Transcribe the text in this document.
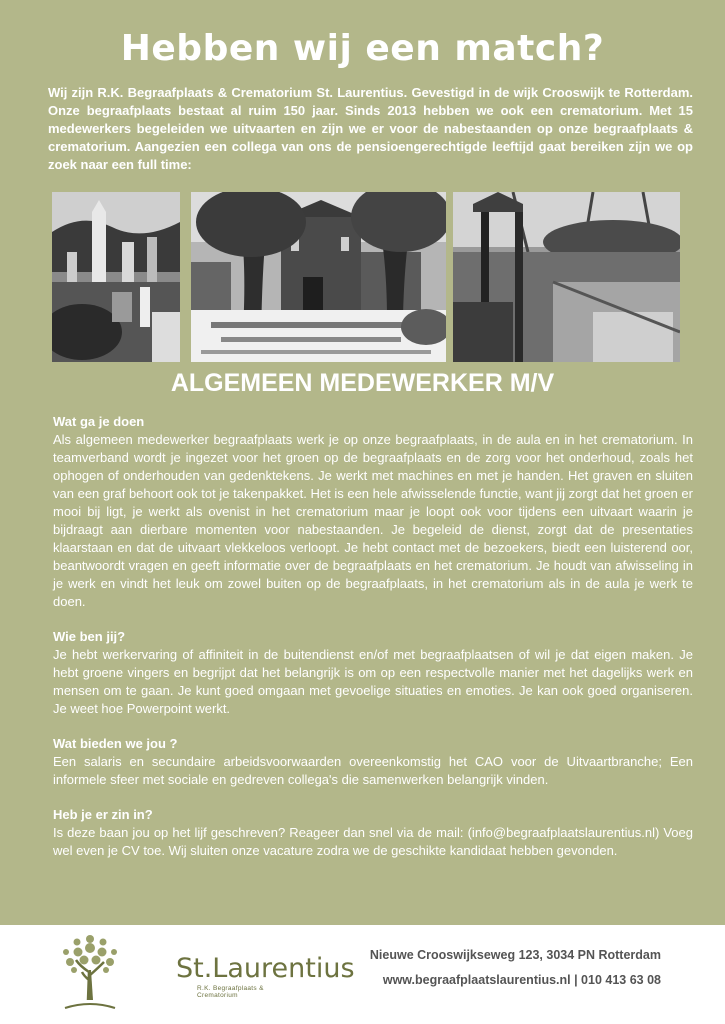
Hebben wij een match?

Wij zijn R.K. Begraafplaats & Crematorium St. Laurentius. Gevestigd in de wijk Crooswijk te Rotterdam. Onze begraafplaats bestaat al ruim 150 jaar. Sinds 2013 hebben we ook een crematorium. Met 15 medewerkers begeleiden we uitvaarten en zijn we er voor de nabestaanden op onze begraafplaats & crematorium. Aangezien een collega van ons de pensioengerechtigde leeftijd gaat bereiken zijn we op zoek naar een full time:

ALGEMEEN MEDEWERKER M/V
Wat ga je doen

Als algemeen medewerker begraafplaats werk je op onze begraafplaats, in de aula en in het crematorium. In teamverband wordt je ingezet voor het groen op de begraafplaats en de zorg voor het onderhoud, zoals het ophogen of onderhouden van gedenktekens. Je werkt met machines en met je handen. Het graven en sluiten van een graf behoort ook tot je takenpakket. Het is een hele afwisselende functie, want jij zorgt dat het groen er mooi bij ligt, je werkt als ovenist in het crematorium maar je loopt ook voor tijdens een uitvaart waarin je bijdraagt aan dierbare momenten voor nabestaanden. Je begeleid de dienst, zorgt dat de presentaties klaarstaan en dat de uitvaart vlekkeloos verloopt. Je hebt contact met de bezoekers, biedt een luisterend oor, beantwoordt vragen en geeft informatie over de begraafplaats en het crematorium. Je houdt van afwisseling in je werk en vindt het leuk om zowel buiten op de begraafplaats, in het crematorium als in de aula je werk te doen.

Wie ben jij?

Je hebt werkervaring of affiniteit in de buitendienst en/of met begraafplaatsen of wil je dat eigen maken. Je hebt groene vingers en begrijpt dat het belangrijk is om op een respectvolle manier met het dagelijks werk en mensen om te gaan. Je kunt goed omgaan met gevoelige situaties en emoties. Je kan ook goed organiseren. Je weet hoe Powerpoint werkt.

Wat bieden we jou ?

Een salaris en secundaire arbeidsvoorwaarden overeenkomstig het CAO voor de Uitvaartbranche; Een informele sfeer met sociale en gedreven collega's die samenwerken belangrijk vinden.

Heb je er zin in?

Is deze baan jou op het lijf geschreven? Reageer dan snel via de mail: (info@begraafplaatslaurentius.nl) Voeg wel even je CV toe. Wij sluiten onze vacature zodra we de geschikte kandidaat hebben gevonden.

St.Laurentius
R.K. Begraafplaats & Crematorium
Nieuwe Crooswijkseweg 123, 3034 PN Rotterdam
www.begraafplaatslaurentius.nl | 010 413 63 08
